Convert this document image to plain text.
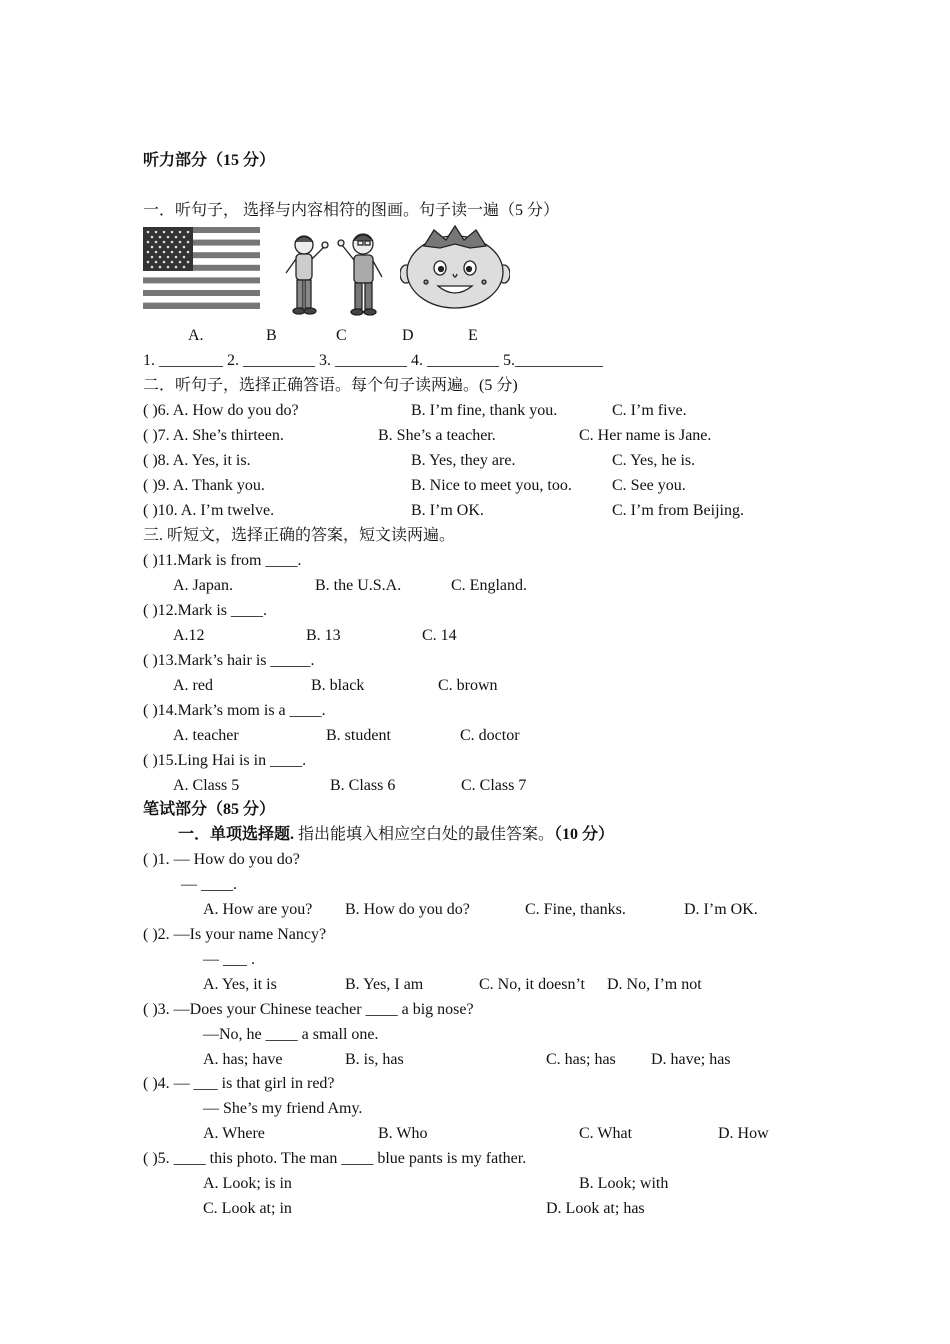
听力部分（15 分）
一．听句子， 选择与内容相符的图画。句子读一遍（5 分）
A.	B	C	D	E
1. ________ 2. _________ 3. _________ 4. _________ 5.___________
二．听句子，选择正确答语。每个句子读两遍。(5 分)
( )6. A. How do you do?	B. I’m fine, thank you.	C. I’m five.
( )7. A. She’s thirteen.	B. She’s a teacher.	C. Her name is Jane.
( )8. A. Yes, it is.	B. Yes, they are.	C. Yes, he is.
( )9. A. Thank you.	B. Nice to meet you, too.	C. See you.
( )10. A. I’m twelve.	B. I’m OK.	C. I’m from Beijing.
三. 听短文，选择正确的答案，短文读两遍。
( )11.Mark is from ____.
A. Japan.	B. the U.S.A.	C. England.
( )12.Mark is ____.
A.12	B. 13	C. 14
( )13.Mark’s hair is _____.
A. red	B. black	C. brown
( )14.Mark’s mom is a ____.
A. teacher	B. student	C. doctor
( )15.Ling Hai is in ____.
A. Class 5	B. Class 6	C. Class 7
笔试部分（85 分）
一．单项选择题. 指出能填入相应空白处的最佳答案。（10 分）
( )1. — How do you do?
— ____.
A. How are you? B. How do you do?	C. Fine, thanks.	D. I’m OK.
( )2. —Is your name Nancy?
— ___ .
A. Yes, it is	B. Yes, I am	C. No, it doesn’t D. No, I’m not
( )3. —Does your Chinese teacher ____ a big nose?
—No, he ____ a small one.
A. has; have	B. is, has	C. has; has D. have; has
( )4. — ___ is that girl in red?
— She’s my friend Amy.
A. Where	B. Who	C. What	D. How
( )5. ____ this photo. The man ____ blue pants is my father.
A. Look; is in	B. Look; with
C. Look at; in	D. Look at; has
